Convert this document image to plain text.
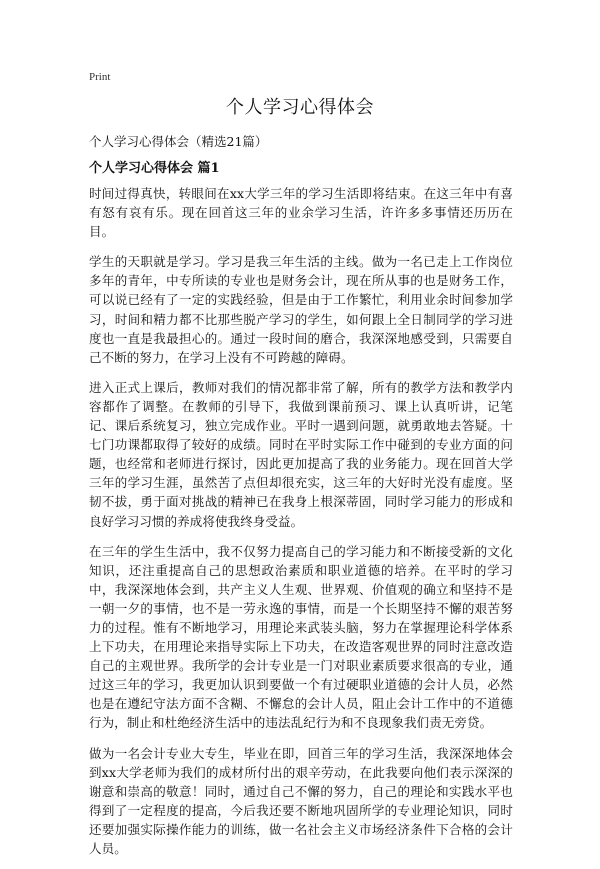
Print
个人学习心得体会
个人学习心得体会（精选21篇）
个人学习心得体会 篇1

时间过得真快，转眼间在xx大学三年的学习生活即将结束。在这三年中有喜有怒有哀有乐。现在回首这三年的业余学习生活，许许多多事情还历历在目。

学生的天职就是学习。学习是我三年生活的主线。做为一名已走上工作岗位多年的青年，中专所读的专业也是财务会计，现在所从事的也是财务工作，可以说已经有了一定的实践经验，但是由于工作繁忙，利用业余时间参加学习，时间和精力都不比那些脱产学习的学生，如何跟上全日制同学的学习进度也一直是我最担心的。通过一段时间的磨合，我深深地感受到，只需要自己不断的努力，在学习上没有不可跨越的障碍。

进入正式上课后，教师对我们的情况都非常了解，所有的教学方法和教学内容都作了调整。在教师的引导下，我做到课前预习、课上认真听讲，记笔记、课后系统复习，独立完成作业。平时一遇到问题，就勇敢地去答疑。十七门功课都取得了较好的成绩。同时在平时实际工作中碰到的专业方面的问题，也经常和老师进行探讨，因此更加提高了我的业务能力。现在回首大学三年的学习生涯，虽然苦了点但却很充实，这三年的大好时光没有虚度。坚韧不拔，勇于面对挑战的精神已在我身上根深蒂固，同时学习能力的形成和良好学习习惯的养成将使我终身受益。

在三年的学生生活中，我不仅努力提高自己的学习能力和不断接受新的文化知识，还注重提高自己的思想政治素质和职业道德的培养。在平时的学习中，我深深地体会到，共产主义人生观、世界观、价值观的确立和坚持不是一朝一夕的事情，也不是一劳永逸的事情，而是一个长期坚持不懈的艰苦努力的过程。惟有不断地学习，用理论来武装头脑，努力在掌握理论科学体系上下功夫，在用理论来指导实际上下功夫，在改造客观世界的同时注意改造自己的主观世界。我所学的会计专业是一门对职业素质要求很高的专业，通过这三年的学习，我更加认识到要做一个有过硬职业道德的会计人员，必然也是在遵纪守法方面不含糊、不懈怠的会计人员，阻止会计工作中的不道德行为，制止和杜绝经济生活中的违法乱纪行为和不良现象我们责无旁贷。

做为一名会计专业大专生，毕业在即，回首三年的学习生活，我深深地体会到xx大学老师为我们的成材所付出的艰辛劳动，在此我要向他们表示深深的谢意和崇高的敬意！同时，通过自己不懈的努力，自己的理论和实践水平也得到了一定程度的提高，今后我还要不断地巩固所学的专业理论知识，同时还要加强实际操作能力的训练，做一名社会主义市场经济条件下合格的会计人员。
